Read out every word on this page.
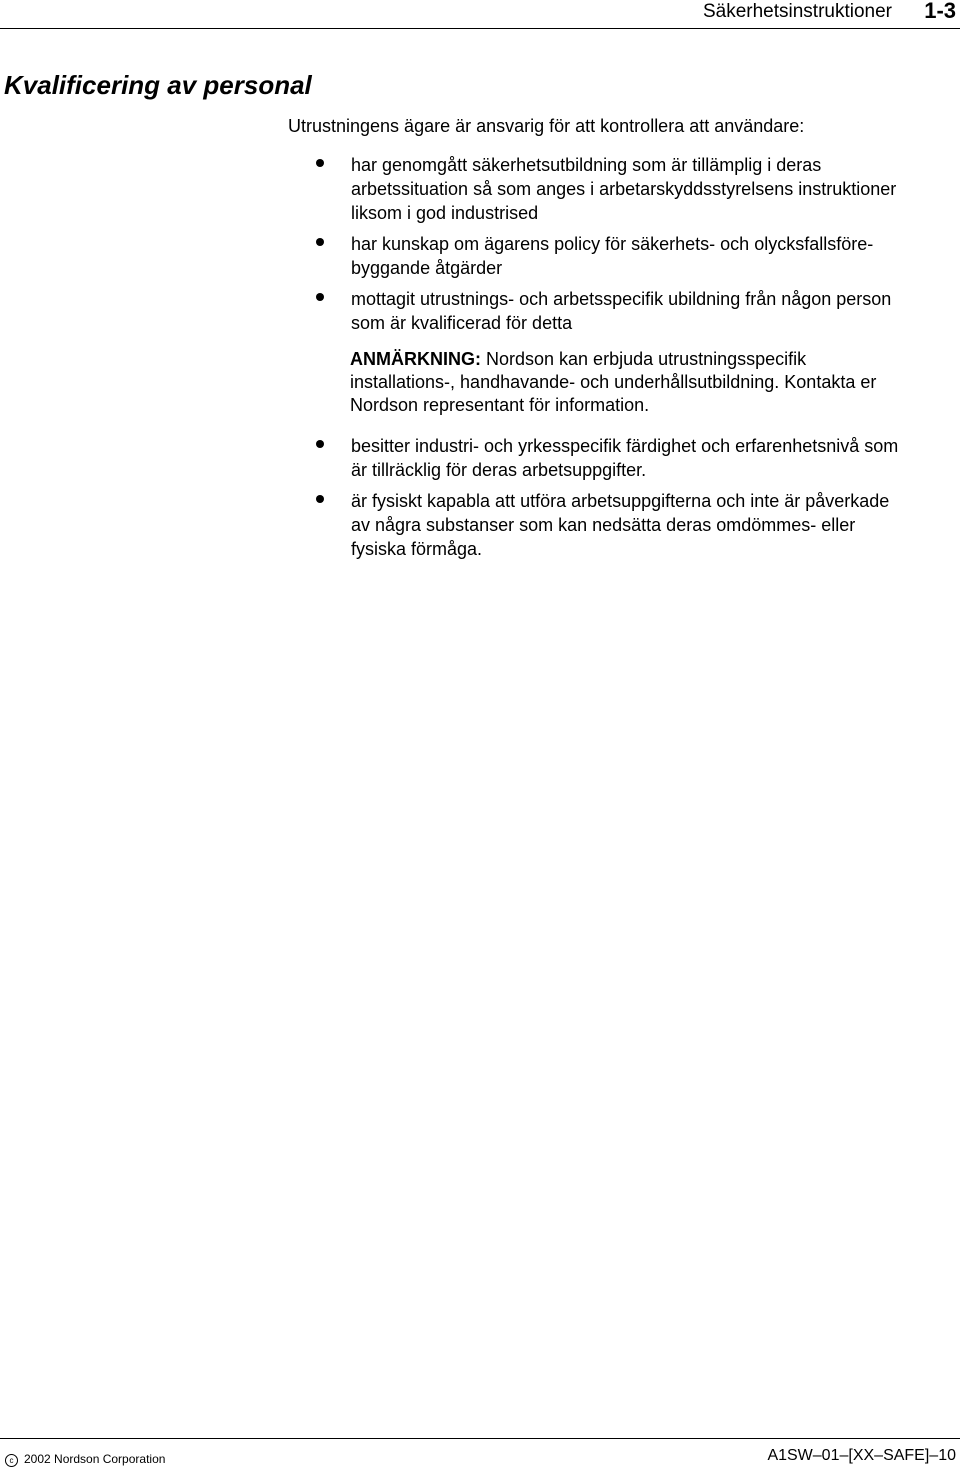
Säkerhetsinstruktioner 1-3
Kvalificering av personal
Utrustningens ägare är ansvarig för att kontrollera att användare:
har genomgått säkerhetsutbildning som är tillämplig i deras
arbetssituation så som anges i arbetarskyddsstyrelsens instruktioner
liksom i god industrised
har kunskap om ägarens policy för säkerhets- och olycksfallsföre-
byggande åtgärder
mottagit utrustnings- och arbetsspecifik ubildning från någon person
som är kvalificerad för detta
ANMÄRKNING: Nordson kan erbjuda utrustningsspecifik
installations-, handhavande- och underhållsutbildning. Kontakta er
Nordson representant för information.
besitter industri- och yrkesspecifik färdighet och erfarenhetsnivå som
är tillräcklig för deras arbetsuppgifter.
är fysiskt kapabla att utföra arbetsuppgifterna och inte är påverkade
av några substanser som kan nedsätta deras omdömmes- eller
fysiska förmåga.
c 2002 Nordson Corporation	A1SW–01–[XX–SAFE]–10
